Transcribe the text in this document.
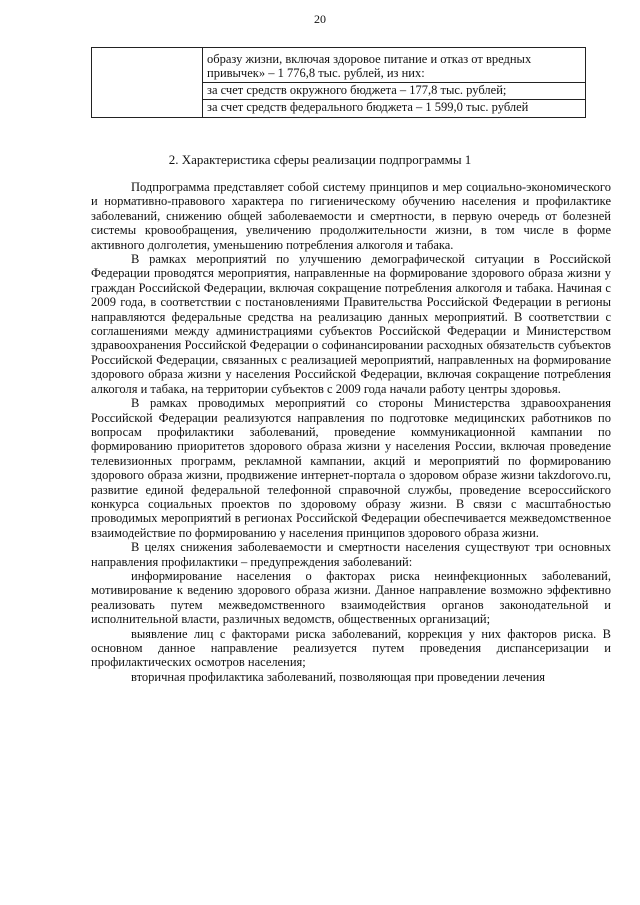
20

образу жизни, включая здоровое питание и отказ от вредных привычек» – 1 776,8 тыс. рублей, из них:

за счет средств окружного бюджета – 177,8 тыс. рублей;

за счет средств федерального бюджета – 1 599,0 тыс. рублей

2. Характеристика сферы реализации подпрограммы 1

Подпрограмма представляет собой систему принципов и мер социально-экономического и нормативно-правового характера по гигиеническому обучению населения и профилактике заболеваний, снижению общей заболеваемости и смертности, в первую очередь от болезней системы кровообращения, увеличению продолжительности жизни, в том числе в форме активного долголетия, уменьшению потребления алкоголя и табака.

В рамках мероприятий по улучшению демографической ситуации в Российской Федерации проводятся мероприятия, направленные на формирование здорового образа жизни у граждан Российской Федерации, включая сокращение потребления алкоголя и табака. Начиная с 2009 года, в соответствии с постановлениями Правительства Российской Федерации в регионы направляются федеральные средства на реализацию данных мероприятий. В соответствии с соглашениями между администрациями субъектов Российской Федерации и Министерством здравоохранения Российской Федерации о софинансировании расходных обязательств субъектов Российской Федерации, связанных с реализацией мероприятий, направленных на формирование здорового образа жизни у населения Российской Федерации, включая сокращение потребления алкоголя и табака, на территории субъектов с 2009 года начали работу центры здоровья.

В рамках проводимых мероприятий со стороны Министерства здравоохранения Российской Федерации реализуются направления по подготовке медицинских работников по вопросам профилактики заболеваний, проведение коммуникационной кампании по формированию приоритетов здорового образа жизни у населения России, включая проведение телевизионных программ, рекламной кампании, акций и мероприятий по формированию здорового образа жизни, продвижение интернет-портала о здоровом образе жизни takzdorovo.ru, развитие единой федеральной телефонной справочной службы, проведение всероссийского конкурса социальных проектов по здоровому образу жизни. В связи с масштабностью проводимых мероприятий в регионах Российской Федерации обеспечивается межведомственное взаимодействие по формированию у населения принципов здорового образа жизни.

В целях снижения заболеваемости и смертности населения существуют три основных направления профилактики – предупреждения заболеваний:

информирование населения о факторах риска неинфекционных заболеваний, мотивирование к ведению здорового образа жизни. Данное направление возможно эффективно реализовать путем межведомственного взаимодействия органов законодательной и исполнительной власти, различных ведомств, общественных организаций;

выявление лиц с факторами риска заболеваний, коррекция у них факторов риска. В основном данное направление реализуется путем проведения диспансеризации и профилактических осмотров населения;

вторичная профилактика заболеваний, позволяющая при проведении лечения
